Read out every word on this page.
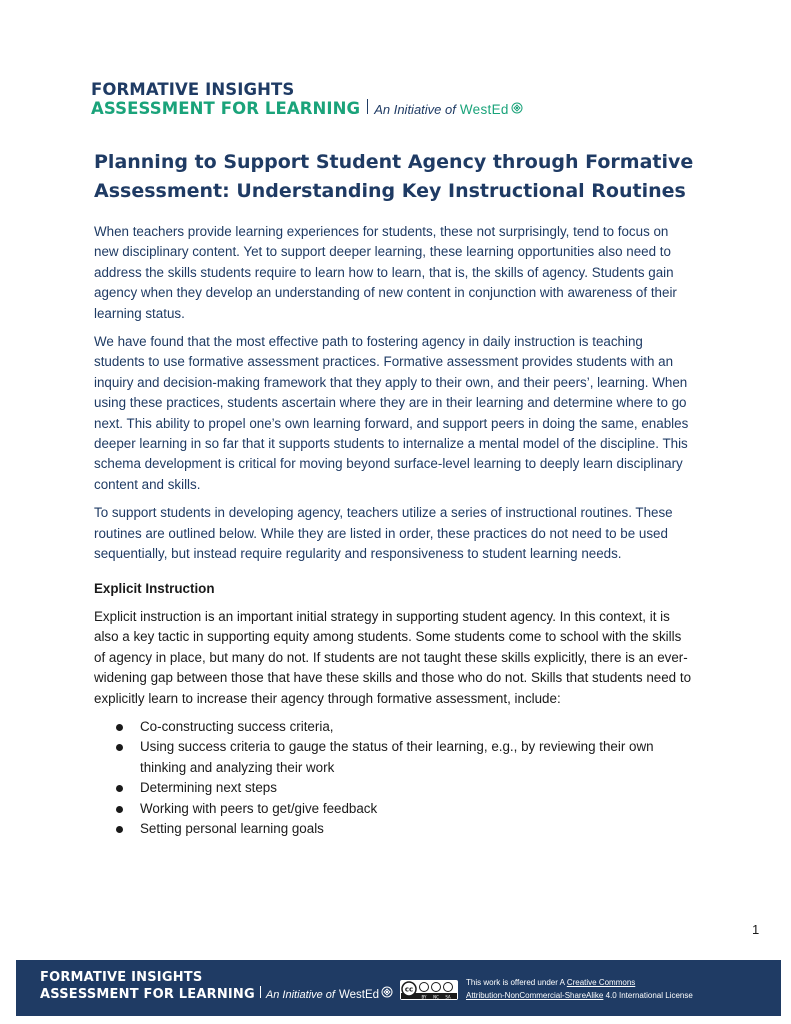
FORMATIVE INSIGHTS
ASSESSMENT FOR LEARNING An Initiative of WestEd
Planning to Support Student Agency through Formative Assessment: Understanding Key Instructional Routines

When teachers provide learning experiences for students, these not surprisingly, tend to focus on new disciplinary content. Yet to support deeper learning, these learning opportunities also need to address the skills students require to learn how to learn, that is, the skills of agency. Students gain agency when they develop an understanding of new content in conjunction with awareness of their learning status.

We have found that the most effective path to fostering agency in daily instruction is teaching students to use formative assessment practices. Formative assessment provides students with an inquiry and decision-making framework that they apply to their own, and their peers’, learning. When using these practices, students ascertain where they are in their learning and determine where to go next. This ability to propel one’s own learning forward, and support peers in doing the same, enables deeper learning in so far that it supports students to internalize a mental model of the discipline. This schema development is critical for moving beyond surface-level learning to deeply learn disciplinary content and skills.

To support students in developing agency, teachers utilize a series of instructional routines. These routines are outlined below. While they are listed in order, these practices do not need to be used sequentially, but instead require regularity and responsiveness to student learning needs.

Explicit Instruction

Explicit instruction is an important initial strategy in supporting student agency. In this context, it is also a key tactic in supporting equity among students. Some students come to school with the skills of agency in place, but many do not. If students are not taught these skills explicitly, there is an ever-widening gap between those that have these skills and those who do not. Skills that students need to explicitly learn to increase their agency through formative assessment, include:

Co-constructing success criteria,
Using success criteria to gauge the status of their learning, e.g., by reviewing their own thinking and analyzing their work
Determining next steps
Working with peers to get/give feedback
Setting personal learning goals
1
FORMATIVE INSIGHTS
ASSESSMENT FOR LEARNING An Initiative of WestEd	cc
BY NC SA
This work is offered under A Creative Commons
Attribution-NonCommercial-ShareAlike 4.0 International License
